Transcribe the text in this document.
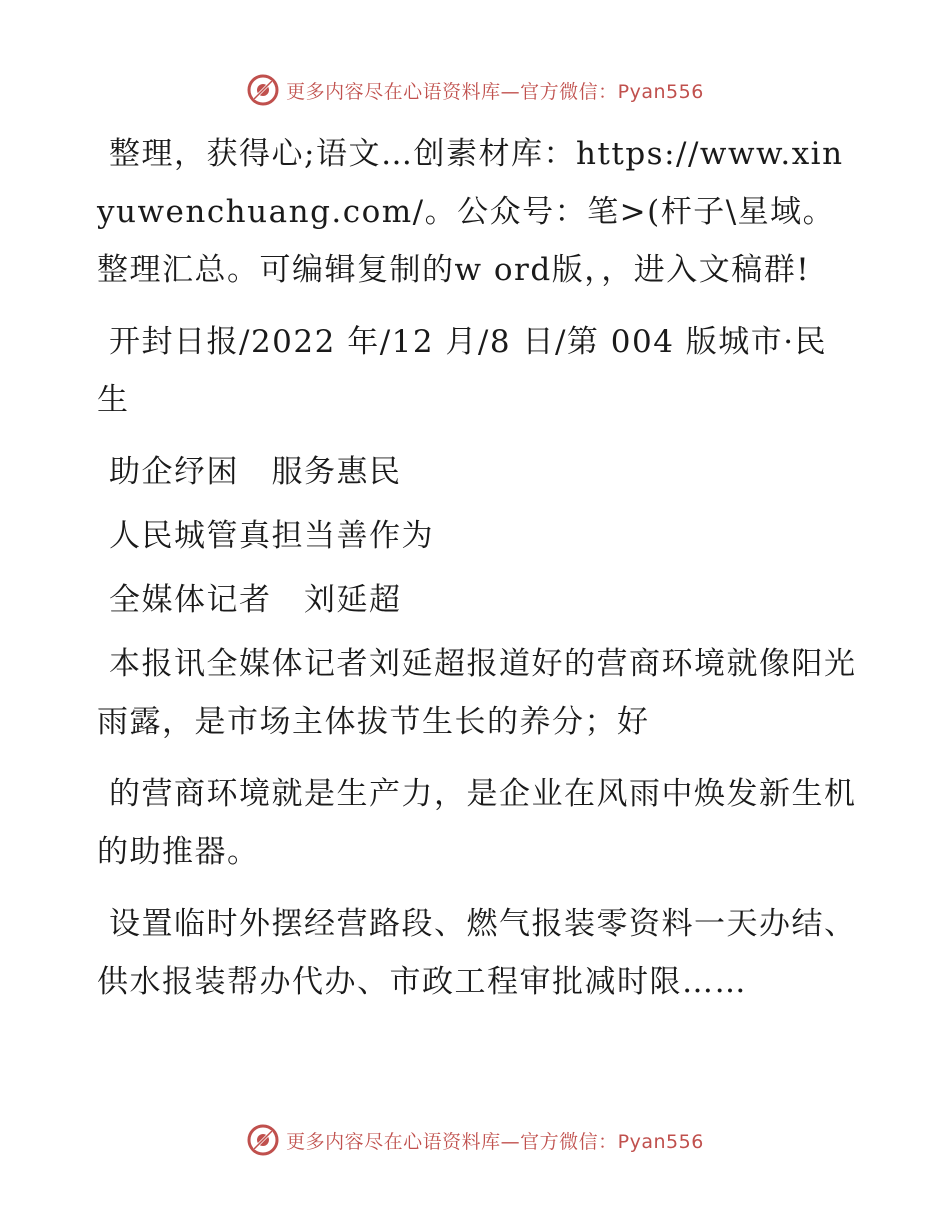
更多内容尽在心语资料库—官方微信：Pyan556

整理，获得心;语文…创素材库：https://www.xinyuwenchuang.com/。公众号：笔>(杆子\星域。整理汇总。可编辑复制的w ord版，，进入文稿群!

开封日报/2022 年/12 月/8 日/第 004 版城市·民生

助企纾困　服务惠民

人民城管真担当善作为

全媒体记者　刘延超

本报讯全媒体记者刘延超报道好的营商环境就像阳光雨露，是市场主体拔节生长的养分；好

的营商环境就是生产力，是企业在风雨中焕发新生机的助推器。

设置临时外摆经营路段、燃气报装零资料一天办结、供水报装帮办代办、市政工程审批减时限……

更多内容尽在心语资料库—官方微信：Pyan556
